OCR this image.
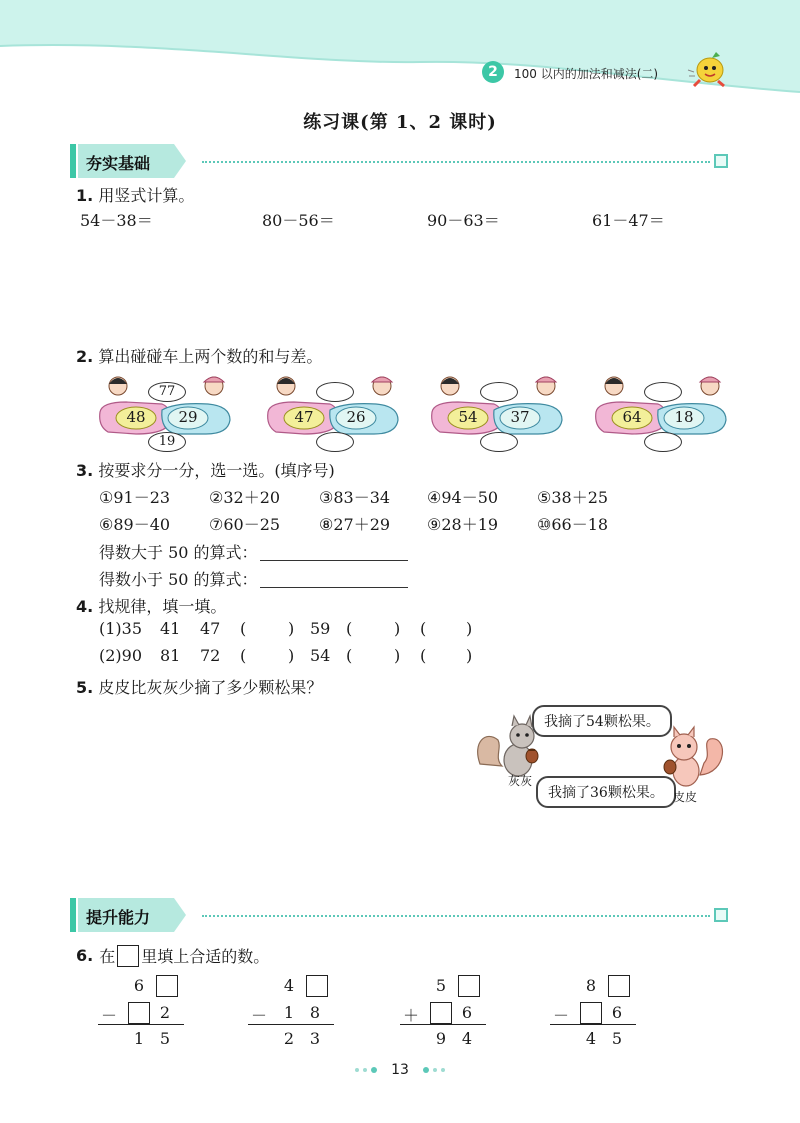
2	100 以内的加法和减法(二)
练习课(第 1、2 课时)
夯实基础
1. 用竖式计算。
54－38＝	80－56＝	90－63＝	61－47＝
2. 算出碰碰车上两个数的和与差。
48 29
77
19
47 26	54 37	64 18
3. 按要求分一分，选一选。(填序号)
①91－23 ②32＋20 ③83－34 ④94－50 ⑤38＋25
⑥89－40 ⑦60－25 ⑧27＋29 ⑨28＋19 ⑩66－18
得数大于 50 的算式：
得数小于 50 的算式：
4. 找规律，填一填。
(1)35 41 47 (	) 59 (	) ( )
(2)90 81 72 (	) 54 (	) ( )
5. 皮皮比灰灰少摘了多少颗松果？
我摘了54颗松果。
我摘了36颗松果。
灰灰
皮皮
提升能力
6. 在 里填上合适的数。
6
－	2
1 5
4
－ 1 8
2 3
5
＋	6
9 4
8
－	6
4 5
13
